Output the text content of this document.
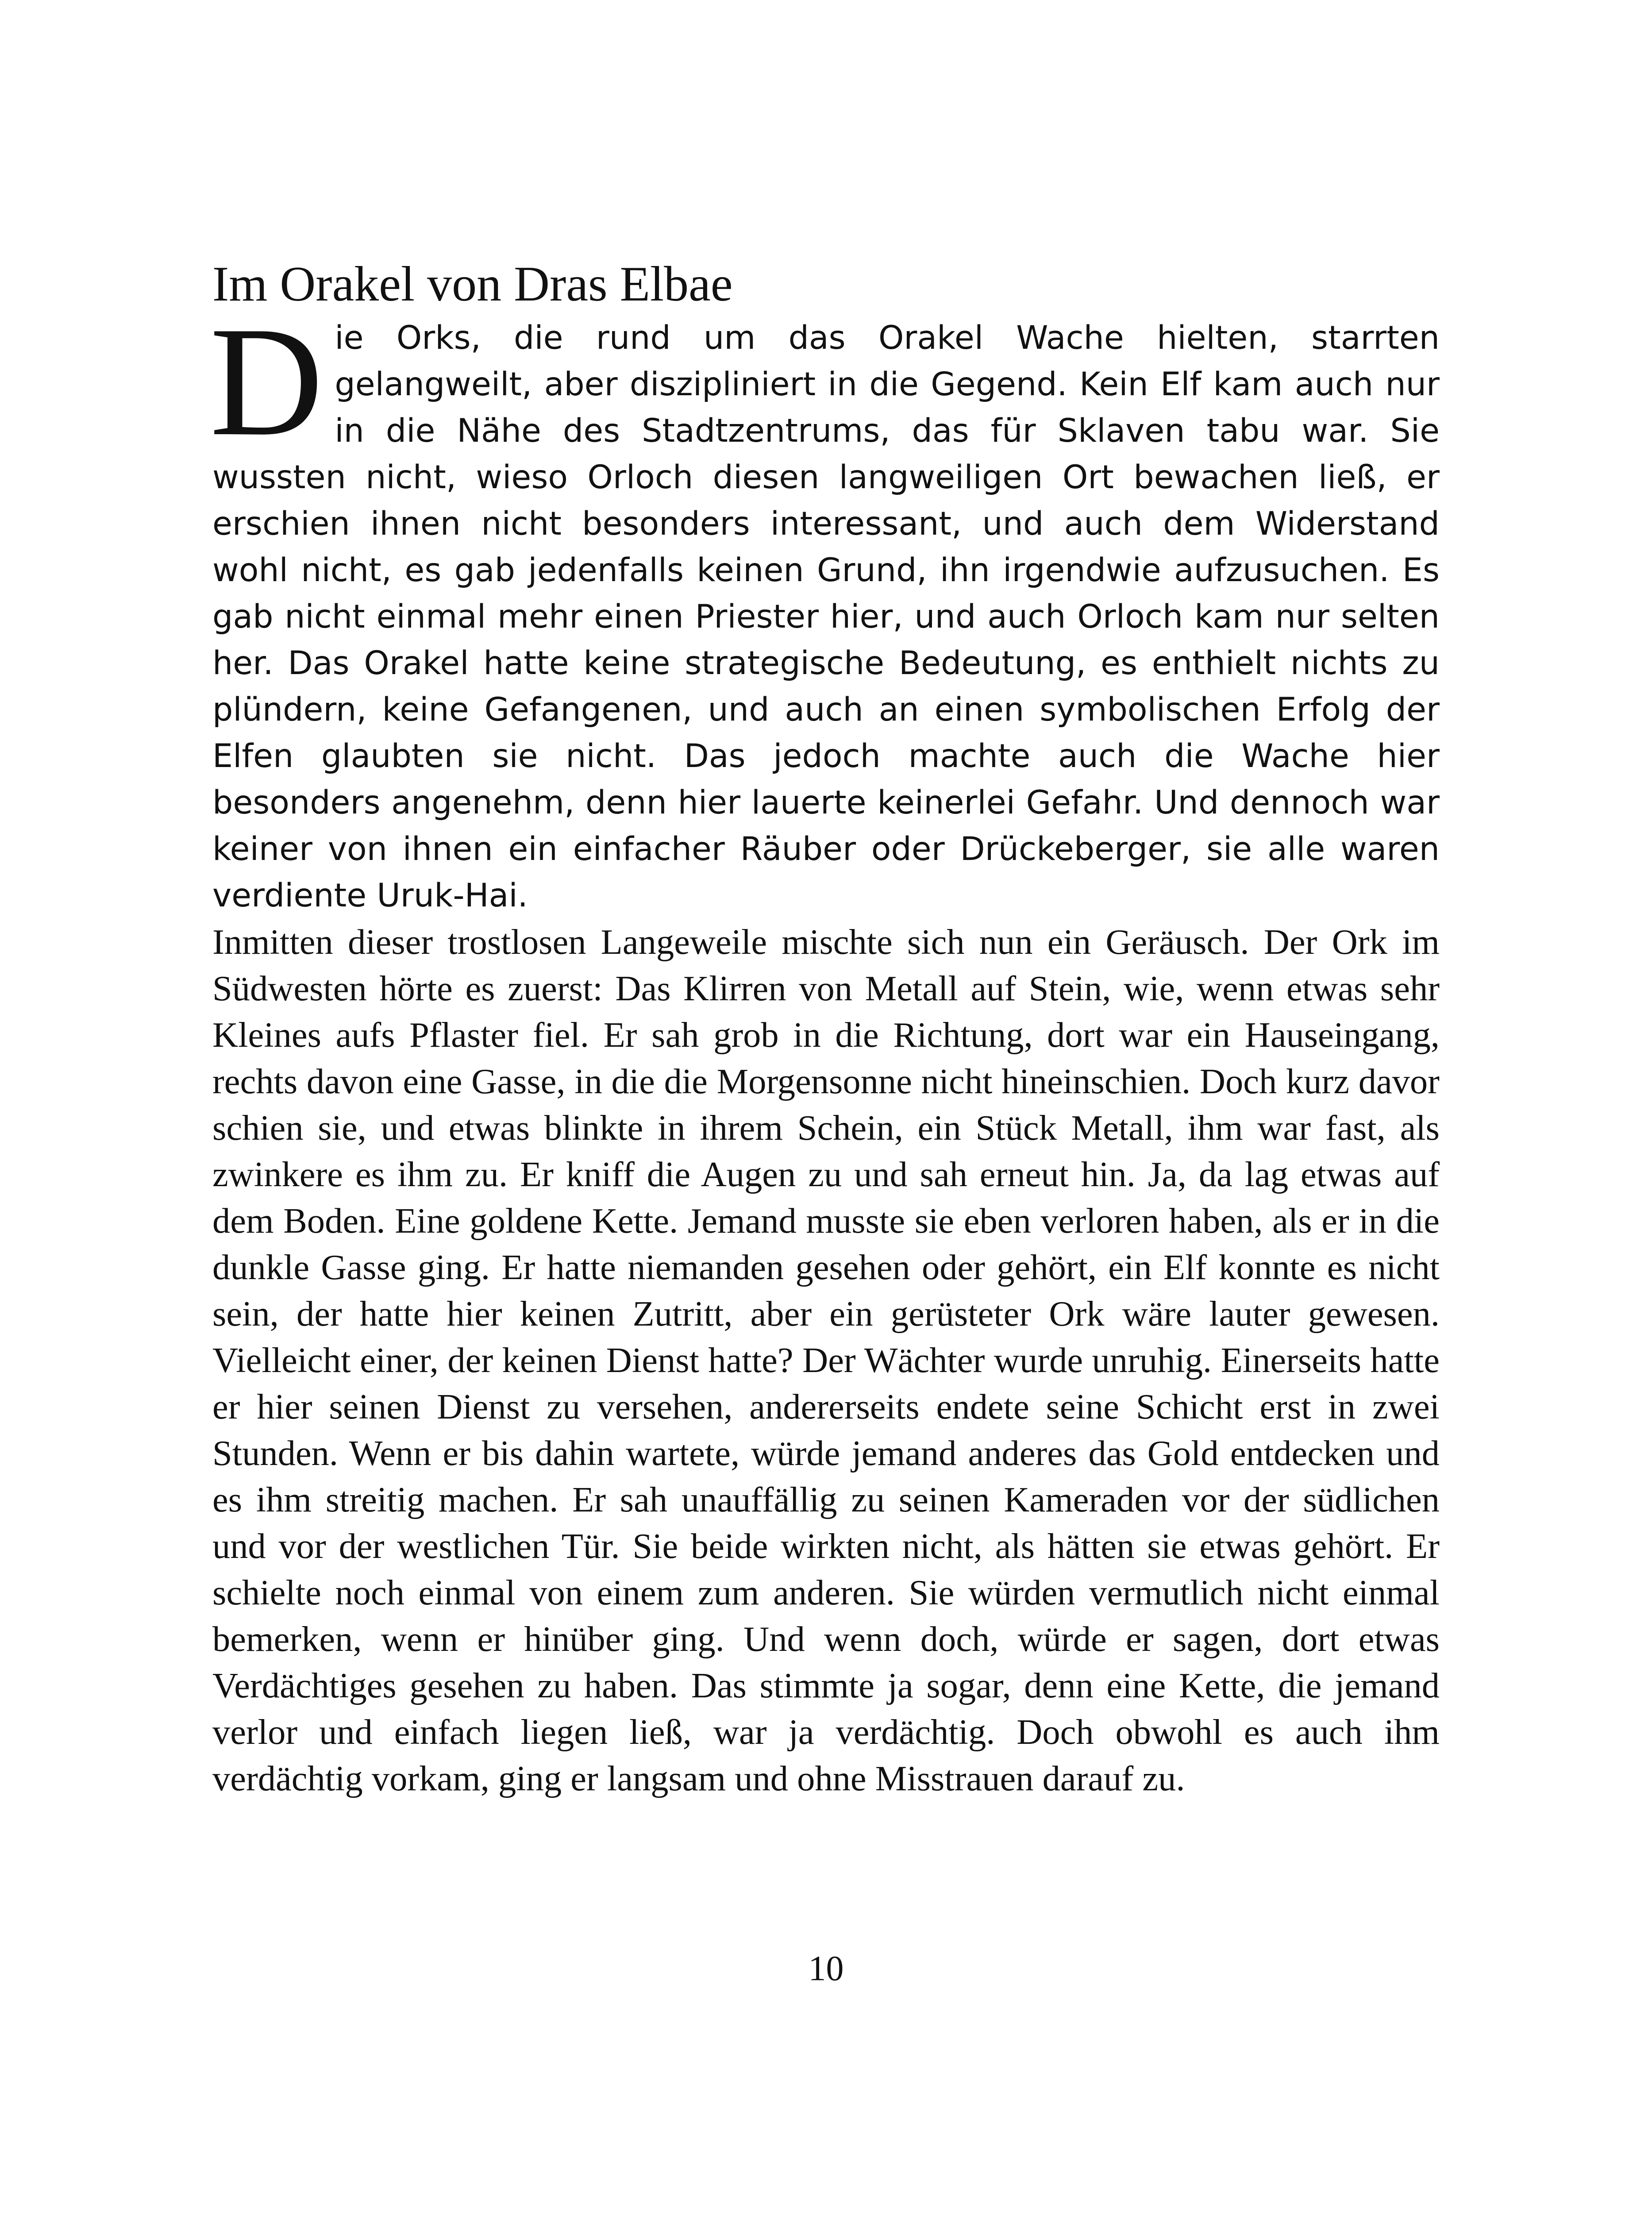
Im Orakel von Dras Elbae

Die Orks, die rund um das Orakel Wache hielten, starrten gelangweilt, aber diszipliniert in die Gegend. Kein Elf kam auch nur in die Nähe des Stadtzentrums, das für Sklaven tabu war. Sie wussten nicht, wieso Orloch diesen langweiligen Ort bewachen ließ, er erschien ihnen nicht besonders interessant, und auch dem Widerstand wohl nicht, es gab jedenfalls keinen Grund, ihn irgendwie aufzusuchen. Es gab nicht einmal mehr einen Priester hier, und auch Orloch kam nur selten her. Das Orakel hatte keine strategische Bedeutung, es enthielt nichts zu plündern, keine Gefangenen, und auch an einen symbolischen Erfolg der Elfen glaubten sie nicht. Das jedoch machte auch die Wache hier besonders angenehm, denn hier lauerte keinerlei Gefahr. Und dennoch war keiner von ihnen ein einfacher Räuber oder Drückeberger, sie alle waren verdiente Uruk-Hai.

Inmitten dieser trostlosen Langeweile mischte sich nun ein Geräusch. Der Ork im Südwesten hörte es zuerst: Das Klirren von Metall auf Stein, wie, wenn etwas sehr Kleines aufs Pflaster fiel. Er sah grob in die Richtung, dort war ein Hauseingang, rechts davon eine Gasse, in die die Morgensonne nicht hineinschien. Doch kurz davor schien sie, und etwas blinkte in ihrem Schein, ein Stück Metall, ihm war fast, als zwinkere es ihm zu. Er kniff die Augen zu und sah erneut hin. Ja, da lag etwas auf dem Boden. Eine goldene Kette. Jemand musste sie eben verloren haben, als er in die dunkle Gasse ging. Er hatte niemanden gesehen oder gehört, ein Elf konnte es nicht sein, der hatte hier keinen Zutritt, aber ein gerüsteter Ork wäre lauter gewesen. Vielleicht einer, der keinen Dienst hatte? Der Wächter wurde unruhig. Einerseits hatte er hier seinen Dienst zu versehen, andererseits endete seine Schicht erst in zwei Stunden. Wenn er bis dahin wartete, würde jemand anderes das Gold entdecken und es ihm streitig machen. Er sah unauffällig zu seinen Kameraden vor der südlichen und vor der westlichen Tür. Sie beide wirkten nicht, als hätten sie etwas gehört. Er schielte noch einmal von einem zum anderen. Sie würden vermutlich nicht einmal bemerken, wenn er hinüber ging. Und wenn doch, würde er sagen, dort etwas Verdächtiges gesehen zu haben. Das stimmte ja sogar, denn eine Kette, die jemand verlor und einfach liegen ließ, war ja verdächtig. Doch obwohl es auch ihm verdächtig vorkam, ging er langsam und ohne Misstrauen darauf zu.

10
